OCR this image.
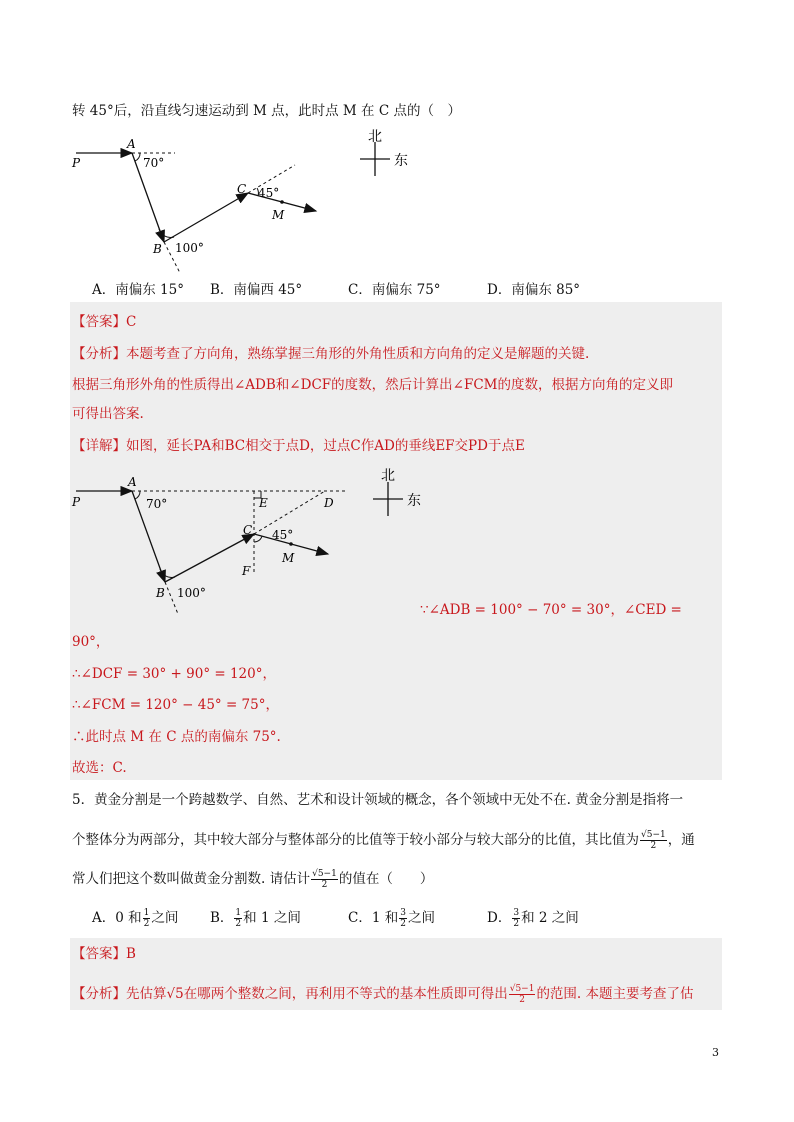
转 45°后，沿直线匀速运动到 M 点，此时点 M 在 C 点的（　）
A
P
B
C
M
70°
45°
100°
北
东
A．南偏东 15° B．南偏西 45°	C．南偏东 75°	D．南偏东 85°
【答案】C
【分析】本题考查了方向角，熟练掌握三角形的外角性质和方向角的定义是解题的关键.
根据三角形外角的性质得出∠ADB和∠DCF的度数，然后计算出∠FCM的度数，根据方向角的定义即
可得出答案.
【详解】如图，延长PA和BC相交于点D，过点C作AD的垂线EF交PD于点E
A
P
B
C
M
E	D
F
70°
45°
100°
北
东
∵∠ADB = 100° − 70° = 30°，∠CED =
90°，
∴∠DCF = 30° + 90° = 120°，
∴∠FCM = 120° − 45° = 75°，
∴此时点 M 在 C 点的南偏东 75°.
故选：C.
5．黄金分割是一个跨越数学、自然、艺术和设计领域的概念，各个领域中无处不在. 黄金分割是指将一
个整体分为两部分，其中较大部分与整体部分的比值等于较小部分与较大部分的比值，其比值为 $\frac{√5-1}{2}$ ，通
常人们把这个数叫做黄金分割数. 请估计 $\frac{√5-1}{2}$ 的值在（　　）
A．0 和 $\frac{1}{2}$ 之间 B． $\frac{1}{2}$ 和 1 之间	C．1 和 $\frac{3}{2}$ 之间	D． $\frac{3}{2}$ 和 2 之间
【答案】B
【分析】先估算√5在哪两个整数之间，再利用不等式的基本性质即可得出 $\frac{√5-1}{2}$ 的范围. 本题主要考查了估
3
